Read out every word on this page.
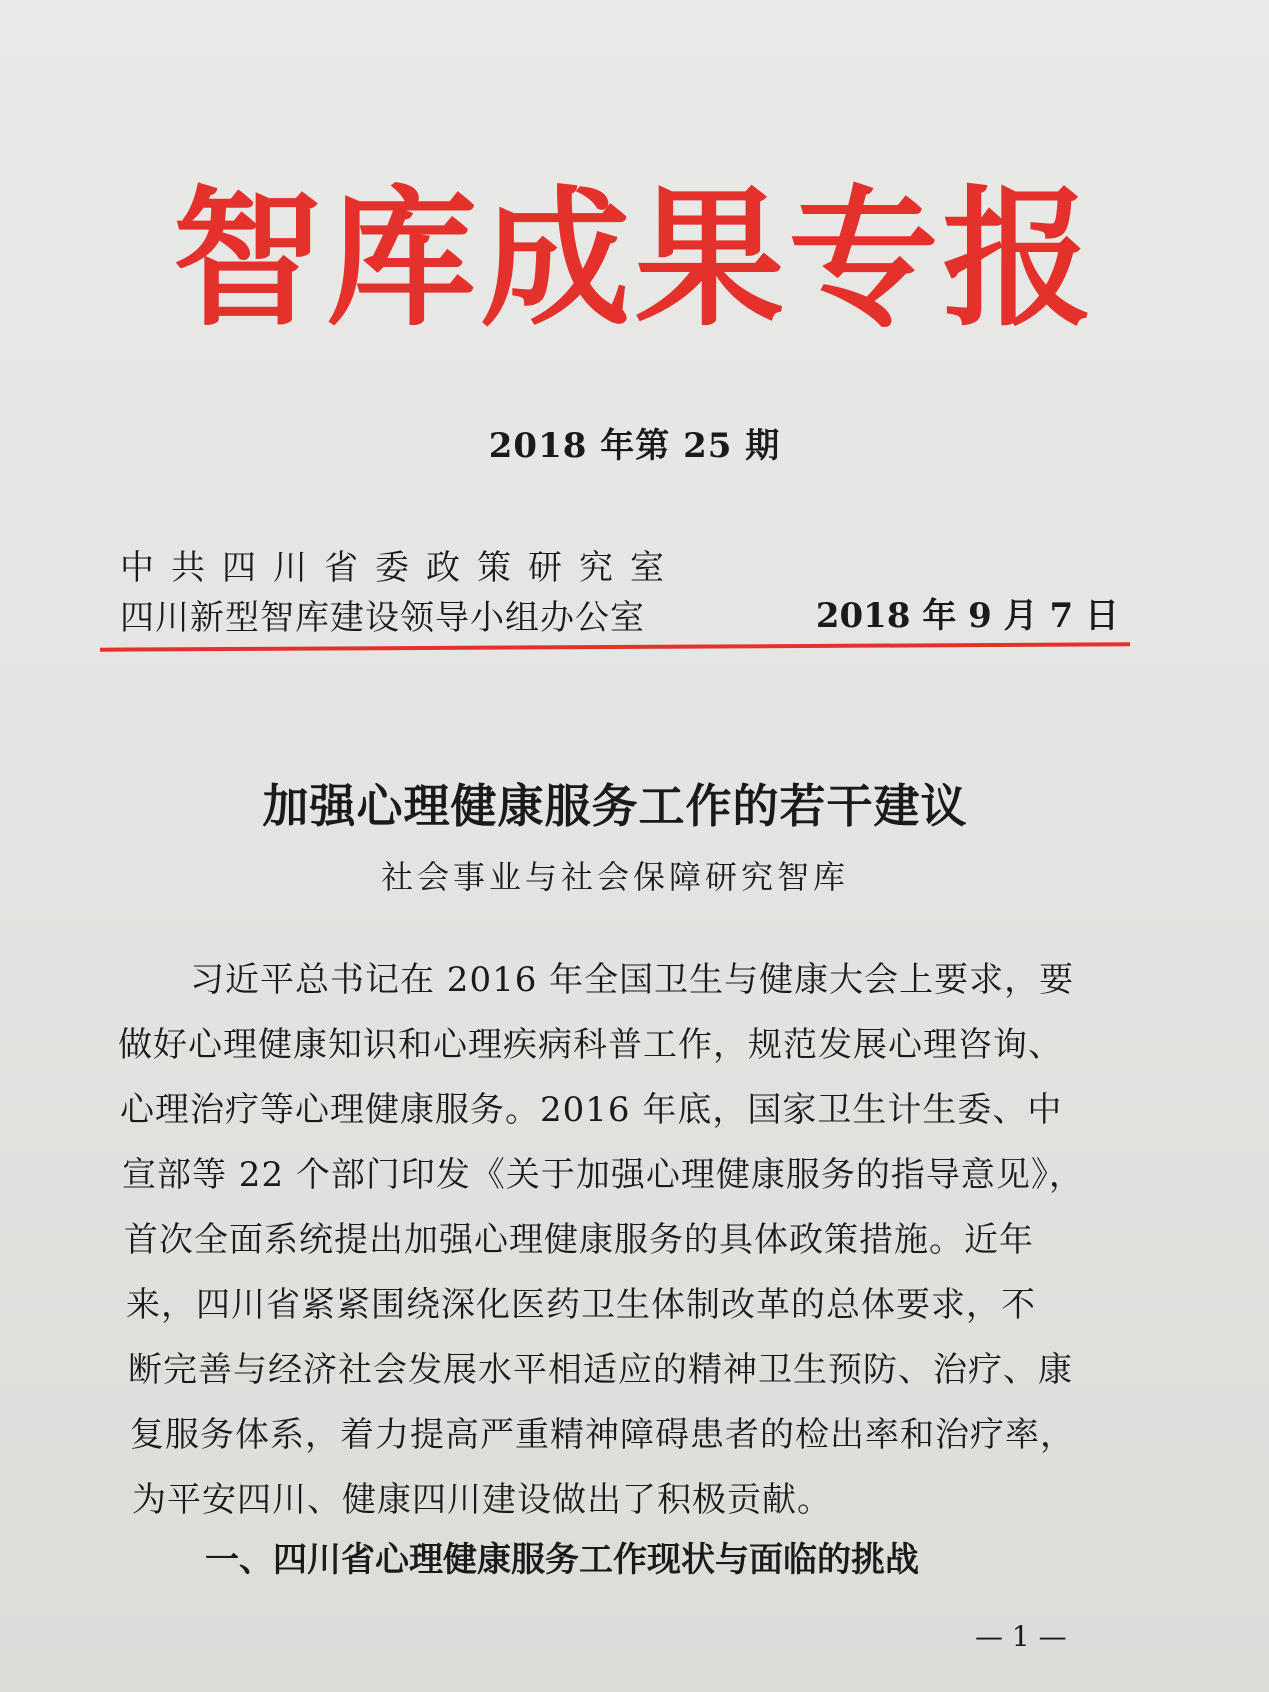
智库成果专报
2018 年第 25 期
中共四川省委政策研究室
四川新型智库建设领导小组办公室	2018 年 9 月 7 日
加强心理健康服务工作的若干建议
社会事业与社会保障研究智库
习近平总书记在 2016 年全国卫生与健康大会上要求，要
做好心理健康知识和心理疾病科普工作，规范发展心理咨询、
心理治疗等心理健康服务。2016 年底，国家卫生计生委、中
宣部等 22 个部门印发《关于加强心理健康服务的指导意见》，
首次全面系统提出加强心理健康服务的具体政策措施。近年
来，四川省紧紧围绕深化医药卫生体制改革的总体要求，不
断完善与经济社会发展水平相适应的精神卫生预防、治疗、康
复服务体系，着力提高严重精神障碍患者的检出率和治疗率，
为平安四川、健康四川建设做出了积极贡献。
一、四川省心理健康服务工作现状与面临的挑战
— 1 —
